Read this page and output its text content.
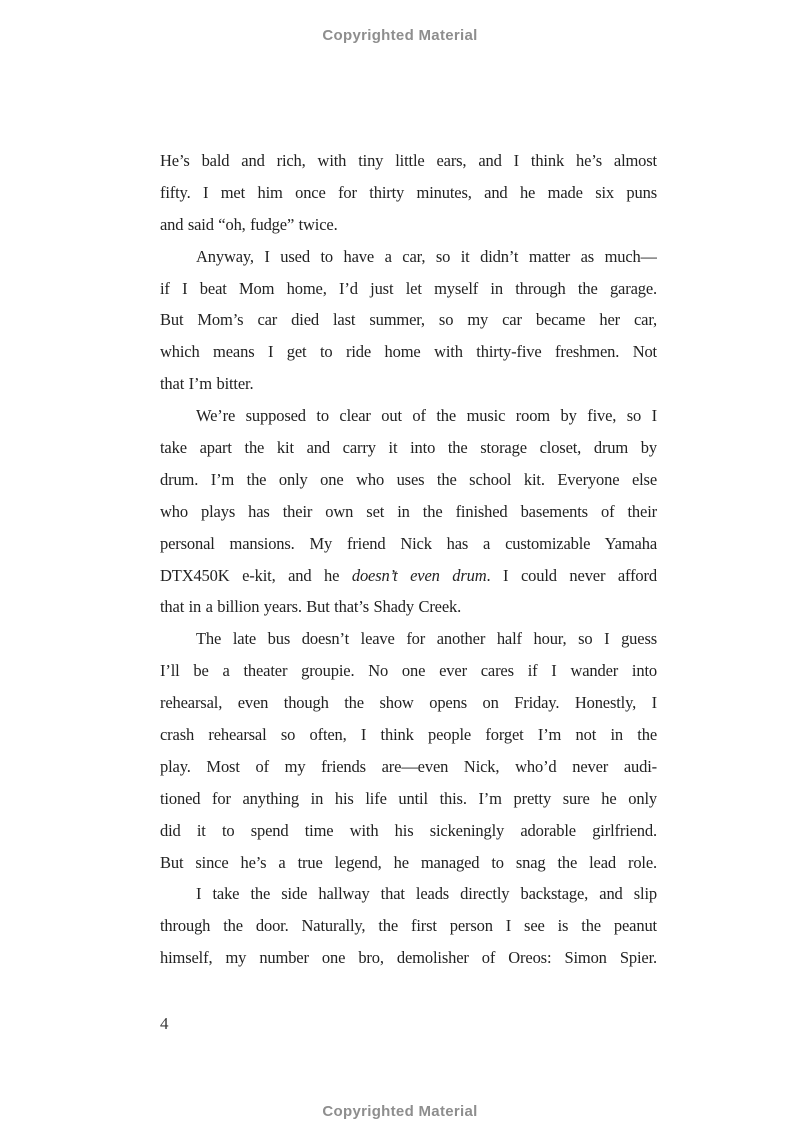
Copyrighted Material
He’s bald and rich, with tiny little ears, and I think he’s almost
fifty. I met him once for thirty minutes, and he made six puns
and said “oh, fudge” twice.
Anyway, I used to have a car, so it didn’t matter as much—
if I beat Mom home, I’d just let myself in through the garage.
But Mom’s car died last summer, so my car became her car,
which means I get to ride home with thirty-five freshmen. Not
that I’m bitter.
We’re supposed to clear out of the music room by five, so I
take apart the kit and carry it into the storage closet, drum by
drum. I’m the only one who uses the school kit. Everyone else
who plays has their own set in the finished basements of their
personal mansions. My friend Nick has a customizable Yamaha
DTX450K e-kit, and he doesn’t even drum. I could never afford
that in a billion years. But that’s Shady Creek.
The late bus doesn’t leave for another half hour, so I guess
I’ll be a theater groupie. No one ever cares if I wander into
rehearsal, even though the show opens on Friday. Honestly, I
crash rehearsal so often, I think people forget I’m not in the
play. Most of my friends are—even Nick, who’d never audi-
tioned for anything in his life until this. I’m pretty sure he only
did it to spend time with his sickeningly adorable girlfriend.
But since he’s a true legend, he managed to snag the lead role.
I take the side hallway that leads directly backstage, and slip
through the door. Naturally, the first person I see is the peanut
himself, my number one bro, demolisher of Oreos: Simon Spier.
4
Copyrighted Material
